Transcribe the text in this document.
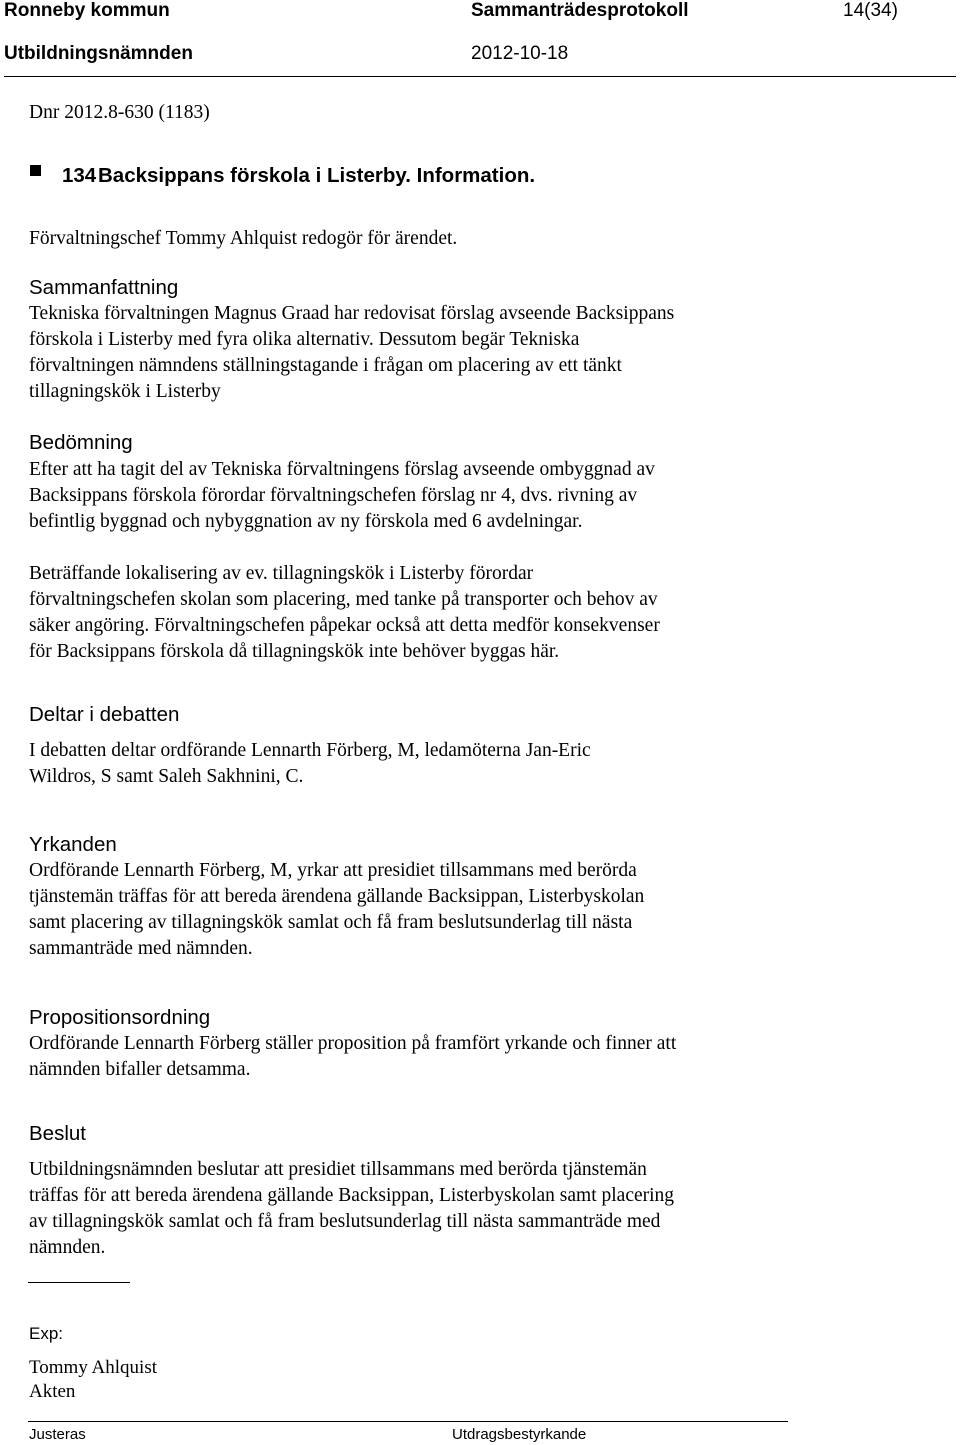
Ronneby kommun	Sammanträdesprotokoll	14(34)
Utbildningsnämnden	2012-10-18
Dnr 2012.8-630 (1183)
134 Backsippans förskola i Listerby. Information.
Förvaltningschef Tommy Ahlquist redogör för ärendet.
Sammanfattning
Tekniska förvaltningen Magnus Graad har redovisat förslag avseende Backsippans
förskola i Listerby med fyra olika alternativ. Dessutom begär Tekniska
förvaltningen nämndens ställningstagande i frågan om placering av ett tänkt
tillagningskök i Listerby
Bedömning
Efter att ha tagit del av Tekniska förvaltningens förslag avseende ombyggnad av
Backsippans förskola förordar förvaltningschefen förslag nr 4, dvs. rivning av
befintlig byggnad och nybyggnation av ny förskola med 6 avdelningar.
Beträffande lokalisering av ev. tillagningskök i Listerby förordar
förvaltningschefen skolan som placering, med tanke på transporter och behov av
säker angöring. Förvaltningschefen påpekar också att detta medför konsekvenser
för Backsippans förskola då tillagningskök inte behöver byggas här.
Deltar i debatten
I debatten deltar ordförande Lennarth Förberg, M, ledamöterna Jan-Eric
Wildros, S samt Saleh Sakhnini, C.
Yrkanden
Ordförande Lennarth Förberg, M, yrkar att presidiet tillsammans med berörda
tjänstemän träffas för att bereda ärendena gällande Backsippan, Listerbyskolan
samt placering av tillagningskök samlat och få fram beslutsunderlag till nästa
sammanträde med nämnden.
Propositionsordning
Ordförande Lennarth Förberg ställer proposition på framfört yrkande och finner att
nämnden bifaller detsamma.
Beslut
Utbildningsnämnden beslutar att presidiet tillsammans med berörda tjänstemän
träffas för att bereda ärendena gällande Backsippan, Listerbyskolan samt placering
av tillagningskök samlat och få fram beslutsunderlag till nästa sammanträde med
nämnden.
Exp:
Tommy Ahlquist
Akten
Justeras	Utdragsbestyrkande
